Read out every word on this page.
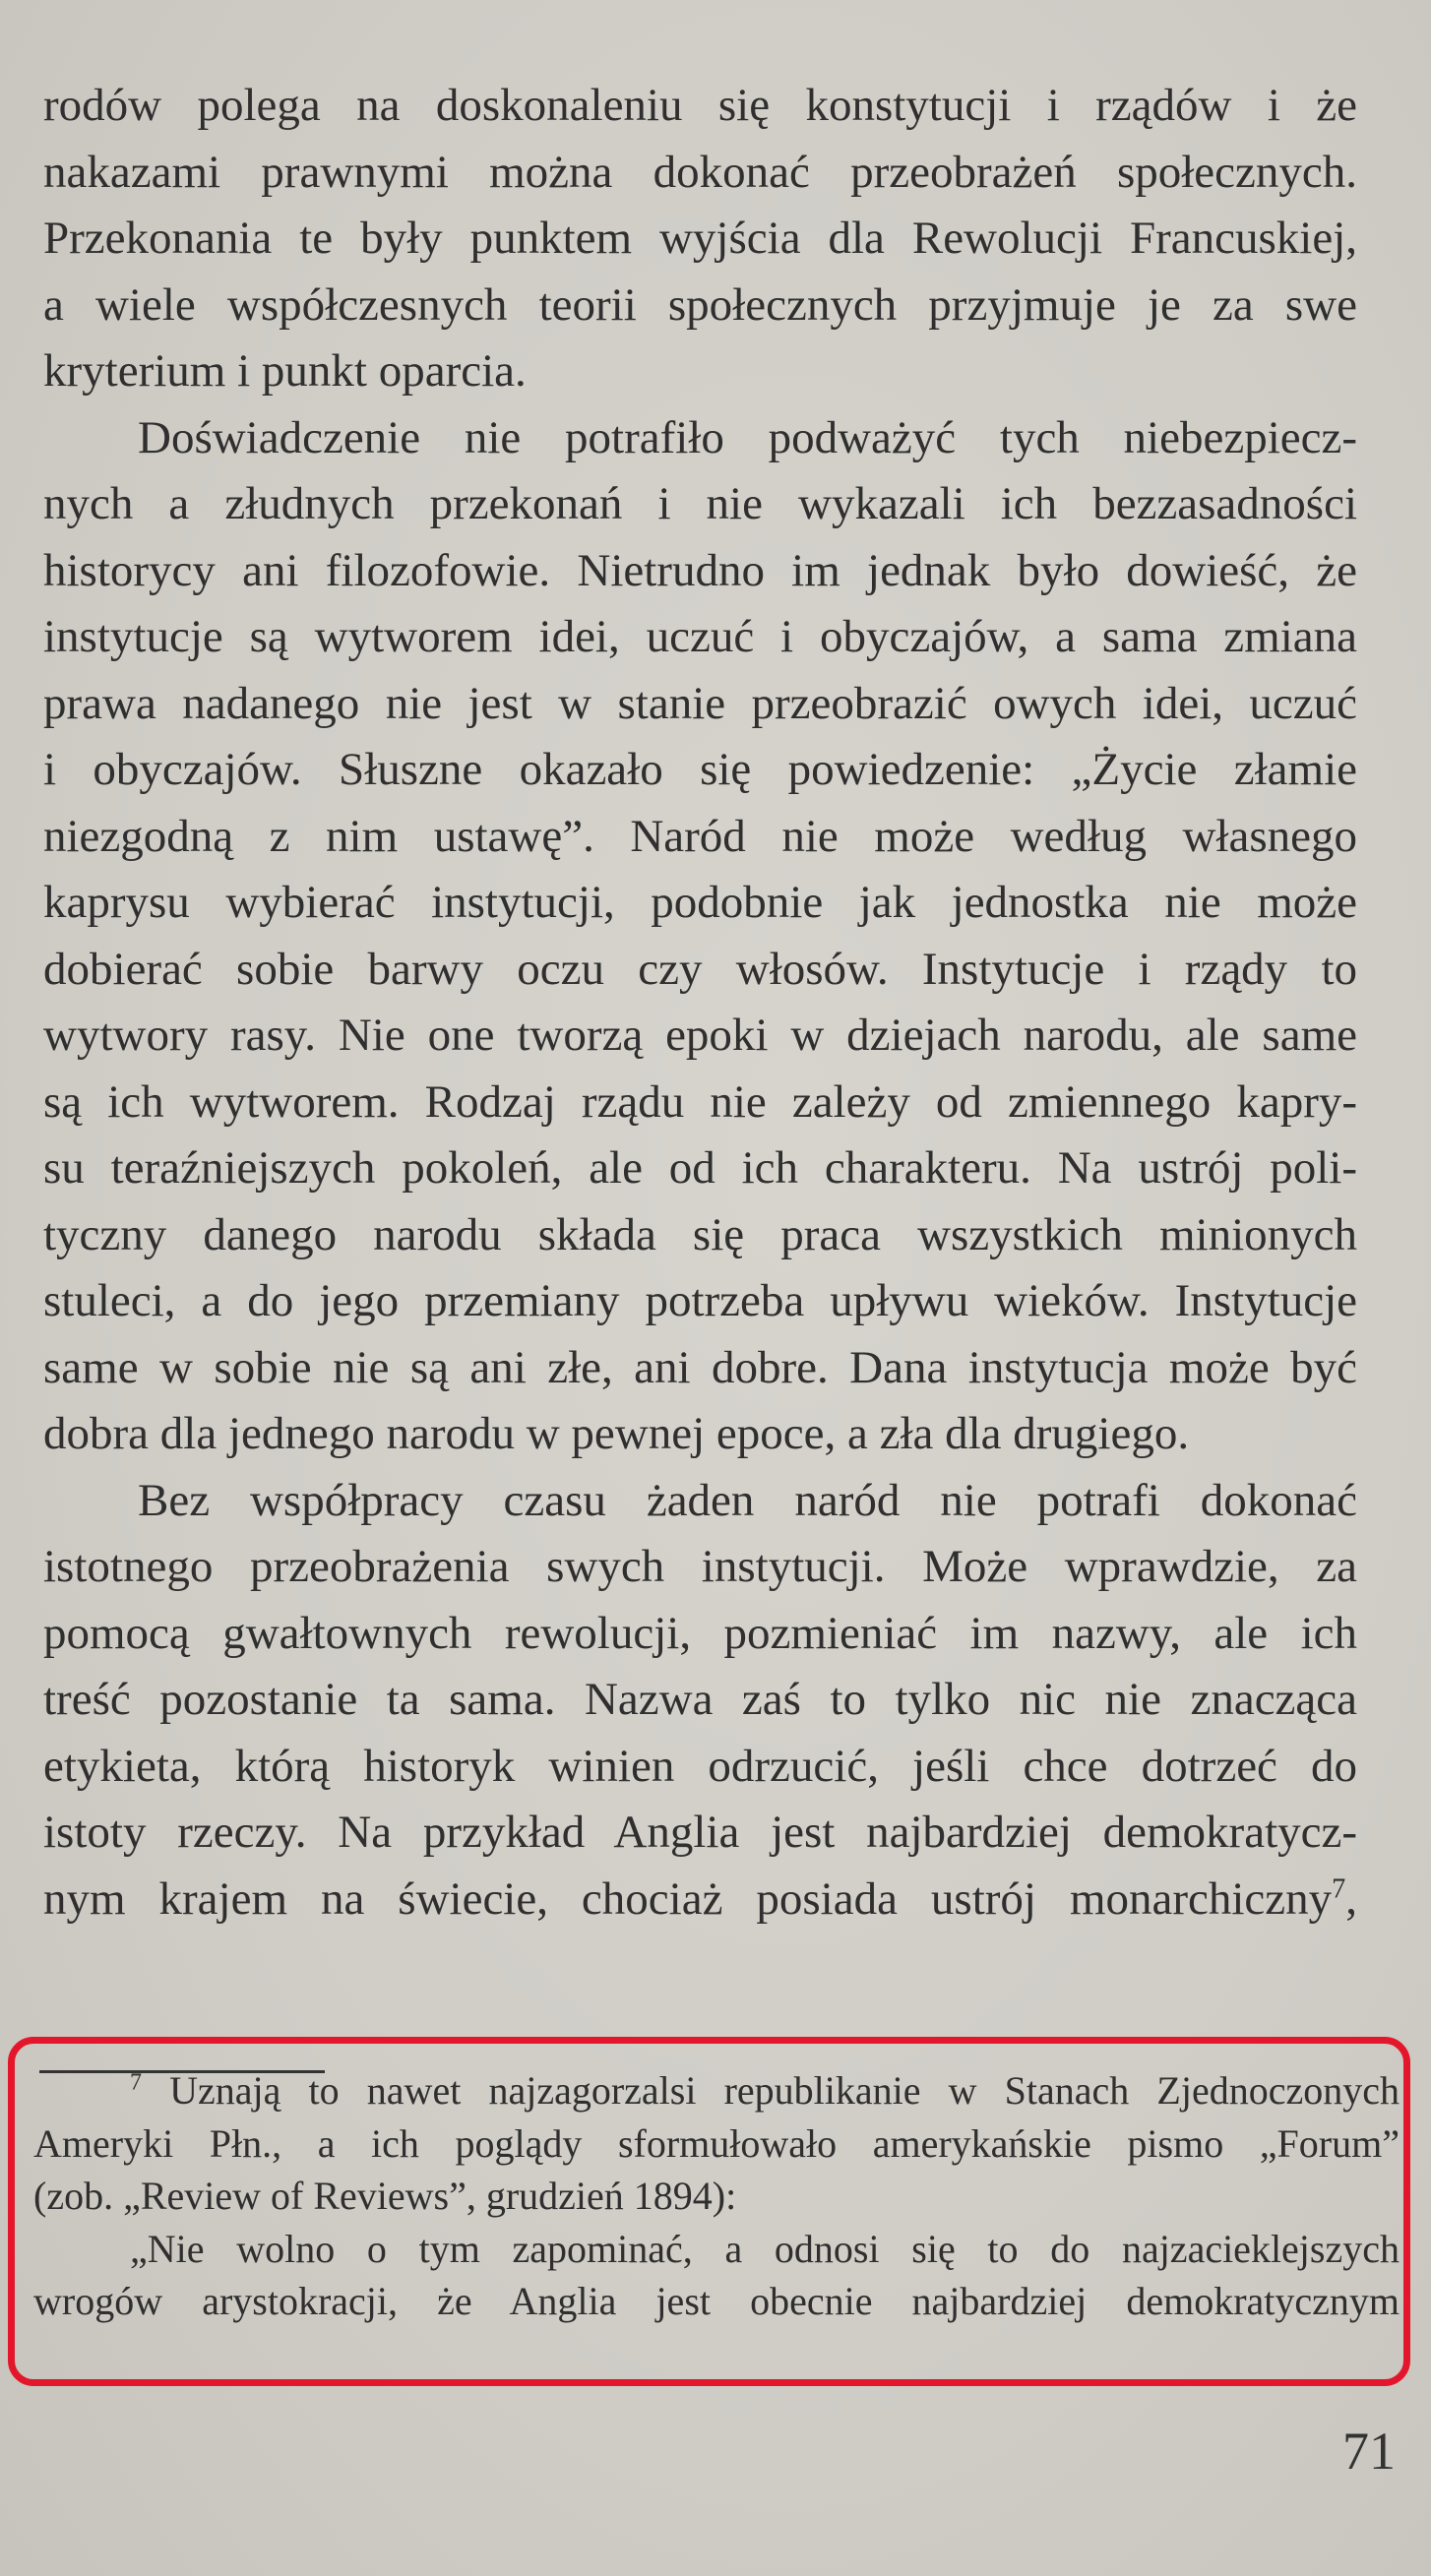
rodów polega na doskonaleniu się konstytucji i rządów i że
nakazami prawnymi można dokonać przeobrażeń społecznych.
Przekonania te były punktem wyjścia dla Rewolucji Francuskiej,
a wiele współczesnych teorii społecznych przyjmuje je za swe
kryterium i punkt oparcia.
Doświadczenie nie potrafiło podważyć tych niebezpiecz-
nych a złudnych przekonań i nie wykazali ich bezzasadności
historycy ani filozofowie. Nietrudno im jednak było dowieść, że
instytucje są wytworem idei, uczuć i obyczajów, a sama zmiana
prawa nadanego nie jest w stanie przeobrazić owych idei, uczuć
i obyczajów. Słuszne okazało się powiedzenie: „Życie złamie
niezgodną z nim ustawę”. Naród nie może według własnego
kaprysu wybierać instytucji, podobnie jak jednostka nie może
dobierać sobie barwy oczu czy włosów. Instytucje i rządy to
wytwory rasy. Nie one tworzą epoki w dziejach narodu, ale same
są ich wytworem. Rodzaj rządu nie zależy od zmiennego kapry-
su teraźniejszych pokoleń, ale od ich charakteru. Na ustrój poli-
tyczny danego narodu składa się praca wszystkich minionych
stuleci, a do jego przemiany potrzeba upływu wieków. Instytucje
same w sobie nie są ani złe, ani dobre. Dana instytucja może być
dobra dla jednego narodu w pewnej epoce, a zła dla drugiego.
Bez współpracy czasu żaden naród nie potrafi dokonać
istotnego przeobrażenia swych instytucji. Może wprawdzie, za
pomocą gwałtownych rewolucji, pozmieniać im nazwy, ale ich
treść pozostanie ta sama. Nazwa zaś to tylko nic nie znacząca
etykieta, którą historyk winien odrzucić, jeśli chce dotrzeć do
istoty rzeczy. Na przykład Anglia jest najbardziej demokratycz-
nym krajem na świecie, chociaż posiada ustrój monarchiczny$^7$,
$^7$ Uznają to nawet najzagorzalsi republikanie w Stanach Zjednoczonych
Ameryki Płn., a ich poglądy sformułowało amerykańskie pismo „Forum”
(zob. „Review of Reviews”, grudzień 1894):
„Nie wolno o tym zapominać, a odnosi się to do najzacieklejszych
wrogów arystokracji, że Anglia jest obecnie najbardziej demokratycznym
71
